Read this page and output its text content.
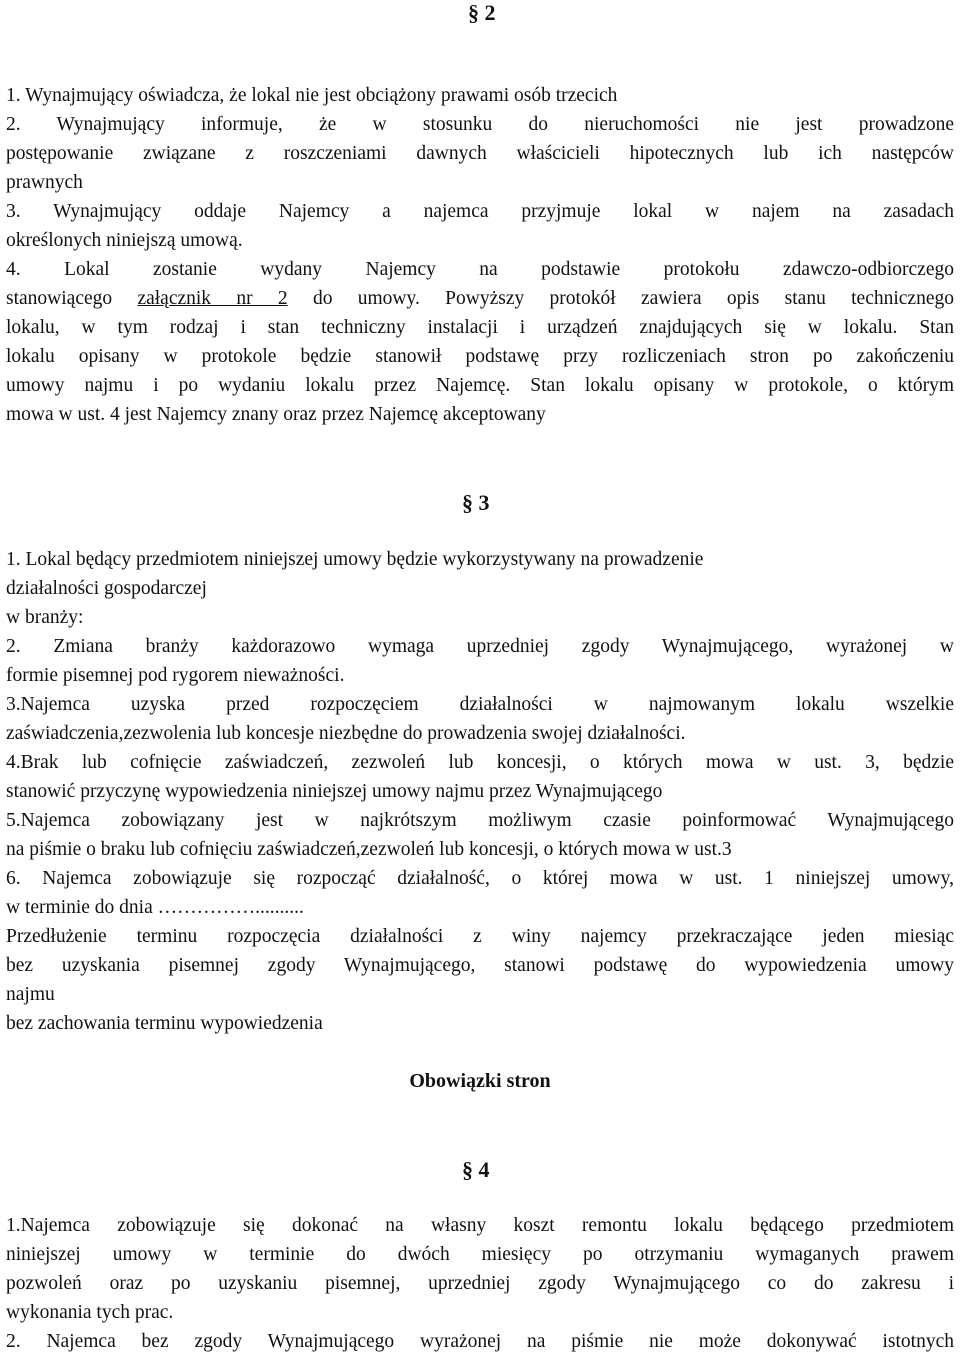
§ 2
1. Wynajmujący oświadcza, że lokal nie jest obciążony prawami osób trzecich
2. Wynajmujący informuje, że w stosunku do nieruchomości nie jest prowadzone
postępowanie związane z roszczeniami dawnych właścicieli hipotecznych lub ich następców
prawnych
3. Wynajmujący oddaje Najemcy a najemca przyjmuje lokal w najem na zasadach
określonych niniejszą umową.
4. Lokal zostanie wydany Najemcy na podstawie protokołu zdawczo-odbiorczego
stanowiącego załącznik nr 2 do umowy. Powyższy protokół zawiera opis stanu technicznego
lokalu, w tym rodzaj i stan techniczny instalacji i urządzeń znajdujących się w lokalu. Stan
lokalu opisany w protokole będzie stanowił podstawę przy rozliczeniach stron po zakończeniu
umowy najmu i po wydaniu lokalu przez Najemcę. Stan lokalu opisany w protokole, o którym
mowa w ust. 4 jest Najemcy znany oraz przez Najemcę akceptowany
§ 3
1. Lokal będący przedmiotem niniejszej umowy będzie wykorzystywany na prowadzenie
działalności gospodarczej
w branży:
2. Zmiana branży każdorazowo wymaga uprzedniej zgody Wynajmującego, wyrażonej w
formie pisemnej pod rygorem nieważności.
3.Najemca uzyska przed rozpoczęciem działalności w najmowanym lokalu wszelkie
zaświadczenia,zezwolenia lub koncesje niezbędne do prowadzenia swojej działalności.
4.Brak lub cofnięcie zaświadczeń, zezwoleń lub koncesji, o których mowa w ust. 3, będzie
stanowić przyczynę wypowiedzenia niniejszej umowy najmu przez Wynajmującego
5.Najemca zobowiązany jest w najkrótszym możliwym czasie poinformować Wynajmującego
na piśmie o braku lub cofnięciu zaświadczeń,zezwoleń lub koncesji, o których mowa w ust.3
6. Najemca zobowiązuje się rozpocząć działalność, o której mowa w ust. 1 niniejszej umowy,
w terminie do dnia ……………..........
Przedłużenie terminu rozpoczęcia działalności z winy najemcy przekraczające jeden miesiąc
bez uzyskania pisemnej zgody Wynajmującego, stanowi podstawę do wypowiedzenia umowy
najmu
bez zachowania terminu wypowiedzenia
Obowiązki stron
§ 4
1.Najemca zobowiązuje się dokonać na własny koszt remontu lokalu będącego przedmiotem
niniejszej umowy w terminie do dwóch miesięcy po otrzymaniu wymaganych prawem
pozwoleń oraz po uzyskaniu pisemnej, uprzedniej zgody Wynajmującego co do zakresu i
wykonania tych prac.
2. Najemca bez zgody Wynajmującego wyrażonej na piśmie nie może dokonywać istotnych
